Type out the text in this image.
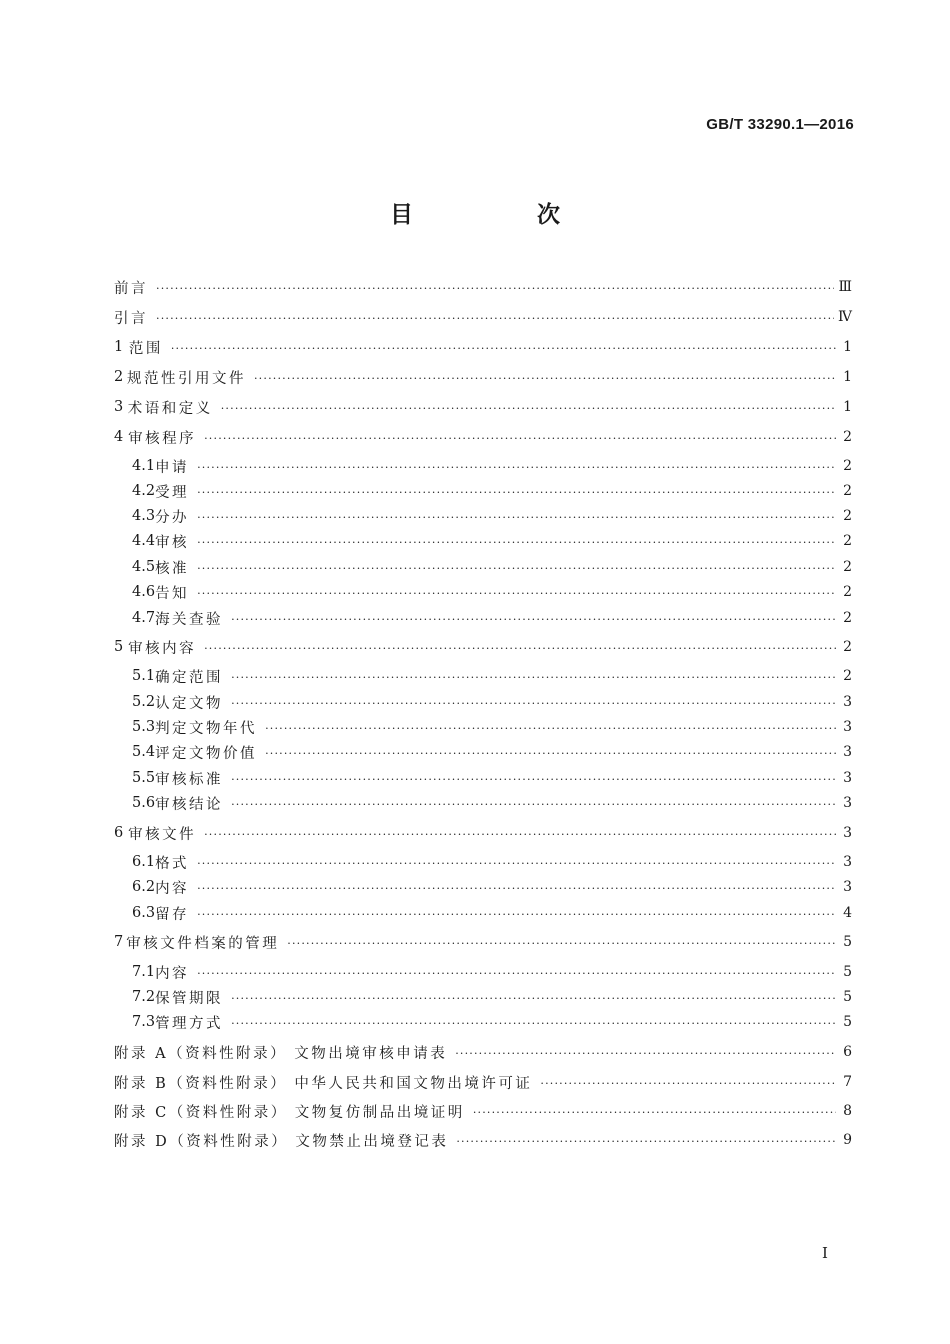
GB/T 33290.1—2016
目 次
前言 .....	Ⅲ
引言 .....	Ⅳ
1 范围 .....	1
2 规范性引用文件 .....	1
3 术语和定义 .....	1
4 审核程序 .....	2
4.1 申请 .....	2
4.2 受理 .....	2
4.3 分办 .....	2
4.4 审核 .....	2
4.5 核准 .....	2
4.6 告知 .....	2
4.7 海关查验 .....	2
5 审核内容 .....	2
5.1 确定范围 .....	2
5.2 认定文物 .....	3
5.3 判定文物年代 .....	3
5.4 评定文物价值 .....	3
5.5 审核标准 .....	3
5.6 审核结论 .....	3
6 审核文件 .....	3
6.1 格式 .....	3
6.2 内容 .....	3
6.3 留存 .....	4
7 审核文件档案的管理 .....	5
7.1 内容 .....	5
7.2 保管期限 .....	5
7.3 管理方式 .....	5
附录 A（资料性附录） 文物出境审核申请表 .....	6
附录 B（资料性附录） 中华人民共和国文物出境许可证 .....	7
附录 C（资料性附录） 文物复仿制品出境证明 .....	8
附录 D（资料性附录） 文物禁止出境登记表 .....	9
I
